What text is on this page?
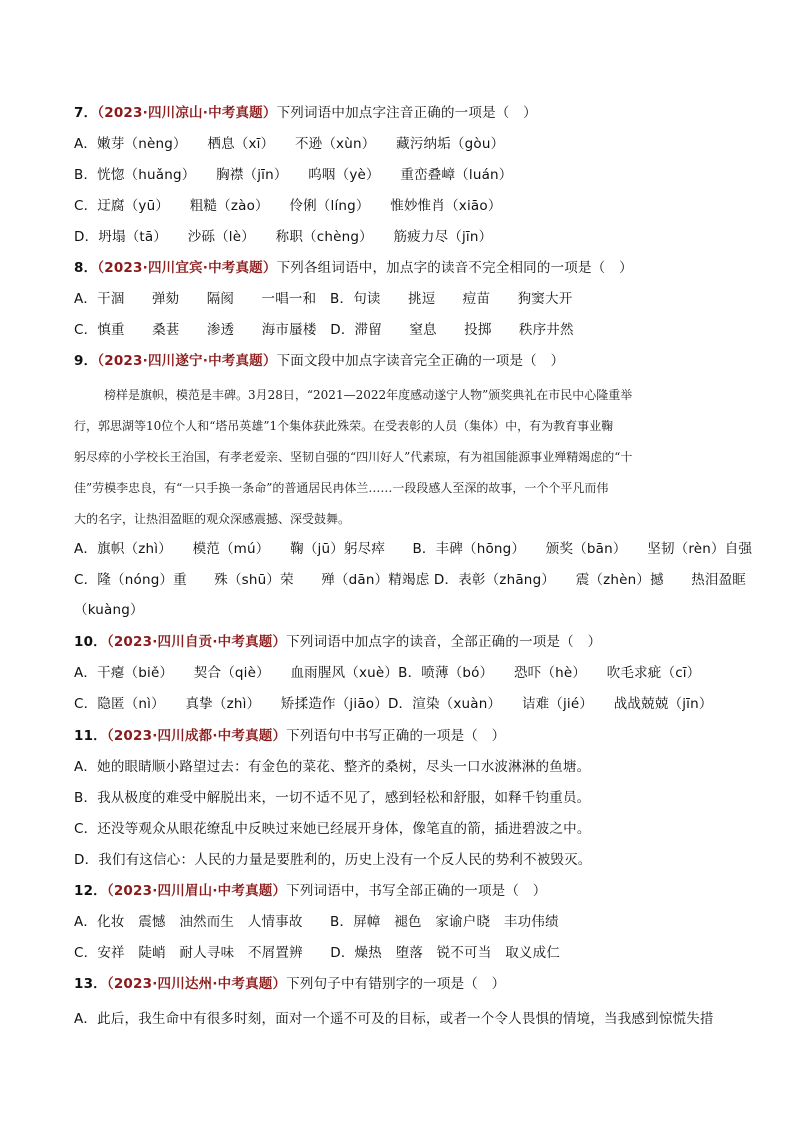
7．（2023·四川凉山·中考真题）下列词语中加点字注音正确的一项是（　）
A．嫩芽（nèng）　　栖息（xī）　　不逊（xùn）　　藏污纳垢（gòu）
B．恍惚（huǎng）　　胸襟（jīn）　　呜咽（yè）　　重峦叠嶂（luán）
C．迂腐（yū）　　粗糙（zào）　　伶俐（líng）　　惟妙惟肖（xiāo）
D．坍塌（tā）　　沙砾（lè）　　称职（chèng）　　筋疲力尽（jīn）
8．（2023·四川宜宾·中考真题）下列各组词语中，加点字的读音不完全相同的一项是（　）
A．干涸　　弹劾　　隔阂　　一唱一和　B．句读　　挑逗　　痘苗　　狗窦大开
C．慎重　　桑葚　　渗透　　海市蜃楼　D．滞留　　窒息　　投掷　　秩序井然
9．（2023·四川遂宁·中考真题）下面文段中加点字读音完全正确的一项是（　）

榜样是旗帜，模范是丰碑。3月28日，“2021—2022年度感动遂宁人物”颁奖典礼在市民中心隆重举

行，郭思湖等10位个人和“塔吊英雄”1个集体获此殊荣。在受表彰的人员（集体）中，有为教育事业鞠

躬尽瘁的小学校长王治国，有孝老爱亲、坚韧自强的“四川好人”代素琼，有为祖国能源事业殚精竭虑的“十

佳”劳模李忠良，有“一只手换一条命”的普通居民冉体兰……一段段感人至深的故事，一个个平凡而伟

大的名字，让热泪盈眶的观众深感震撼、深受鼓舞。

A．旗帜（zhì）　　模范（mú）　　鞠（jū）躬尽瘁　　B．丰碑（hōng）　　颁奖（bān）　　坚韧（rèn）自强
C．隆（nóng）重　　殊（shū）荣　　殚（dān）精竭虑 D．表彰（zhāng）　　震（zhèn）撼　　热泪盈眶
（kuàng）
10．（2023·四川自贡·中考真题）下列词语中加点字的读音，全部正确的一项是（　）
A．干瘪（biě）　　契合（qiè）　　血雨腥风（xuè）B．喷薄（bó）　　恐吓（hè）　　吹毛求疵（cī）
C．隐匿（nì）　　真挚（zhì）　　矫揉造作（jiāo）D．渲染（xuàn）　　诘难（jié）　　战战兢兢（jīn）
11．（2023·四川成都·中考真题）下列语句中书写正确的一项是（　）
A．她的眼睛顺小路望过去：有金色的菜花、整齐的桑树，尽头一口水波淋淋的鱼塘。
B．我从极度的难受中解脱出来，一切不适不见了，感到轻松和舒服，如释千钧重员。
C．还没等观众从眼花缭乱中反映过来她已经展开身体，像笔直的箭，插进碧波之中。
D．我们有这信心：人民的力量是要胜利的，历史上没有一个反人民的势利不被毁灭。
12．（2023·四川眉山·中考真题）下列词语中，书写全部正确的一项是（　）
A．化妆　震憾　油然而生　人情事故　　B．屏幛　褪色　家谕户晓　丰功伟绩
C．安祥　陡峭　耐人寻味　不屑置辨　　D．燥热　堕落　锐不可当　取义成仁
13．（2023·四川达州·中考真题）下列句子中有错别字的一项是（　）
A．此后，我生命中有很多时刻，面对一个遥不可及的目标，或者一个令人畏惧的情境，当我感到惊慌失措
